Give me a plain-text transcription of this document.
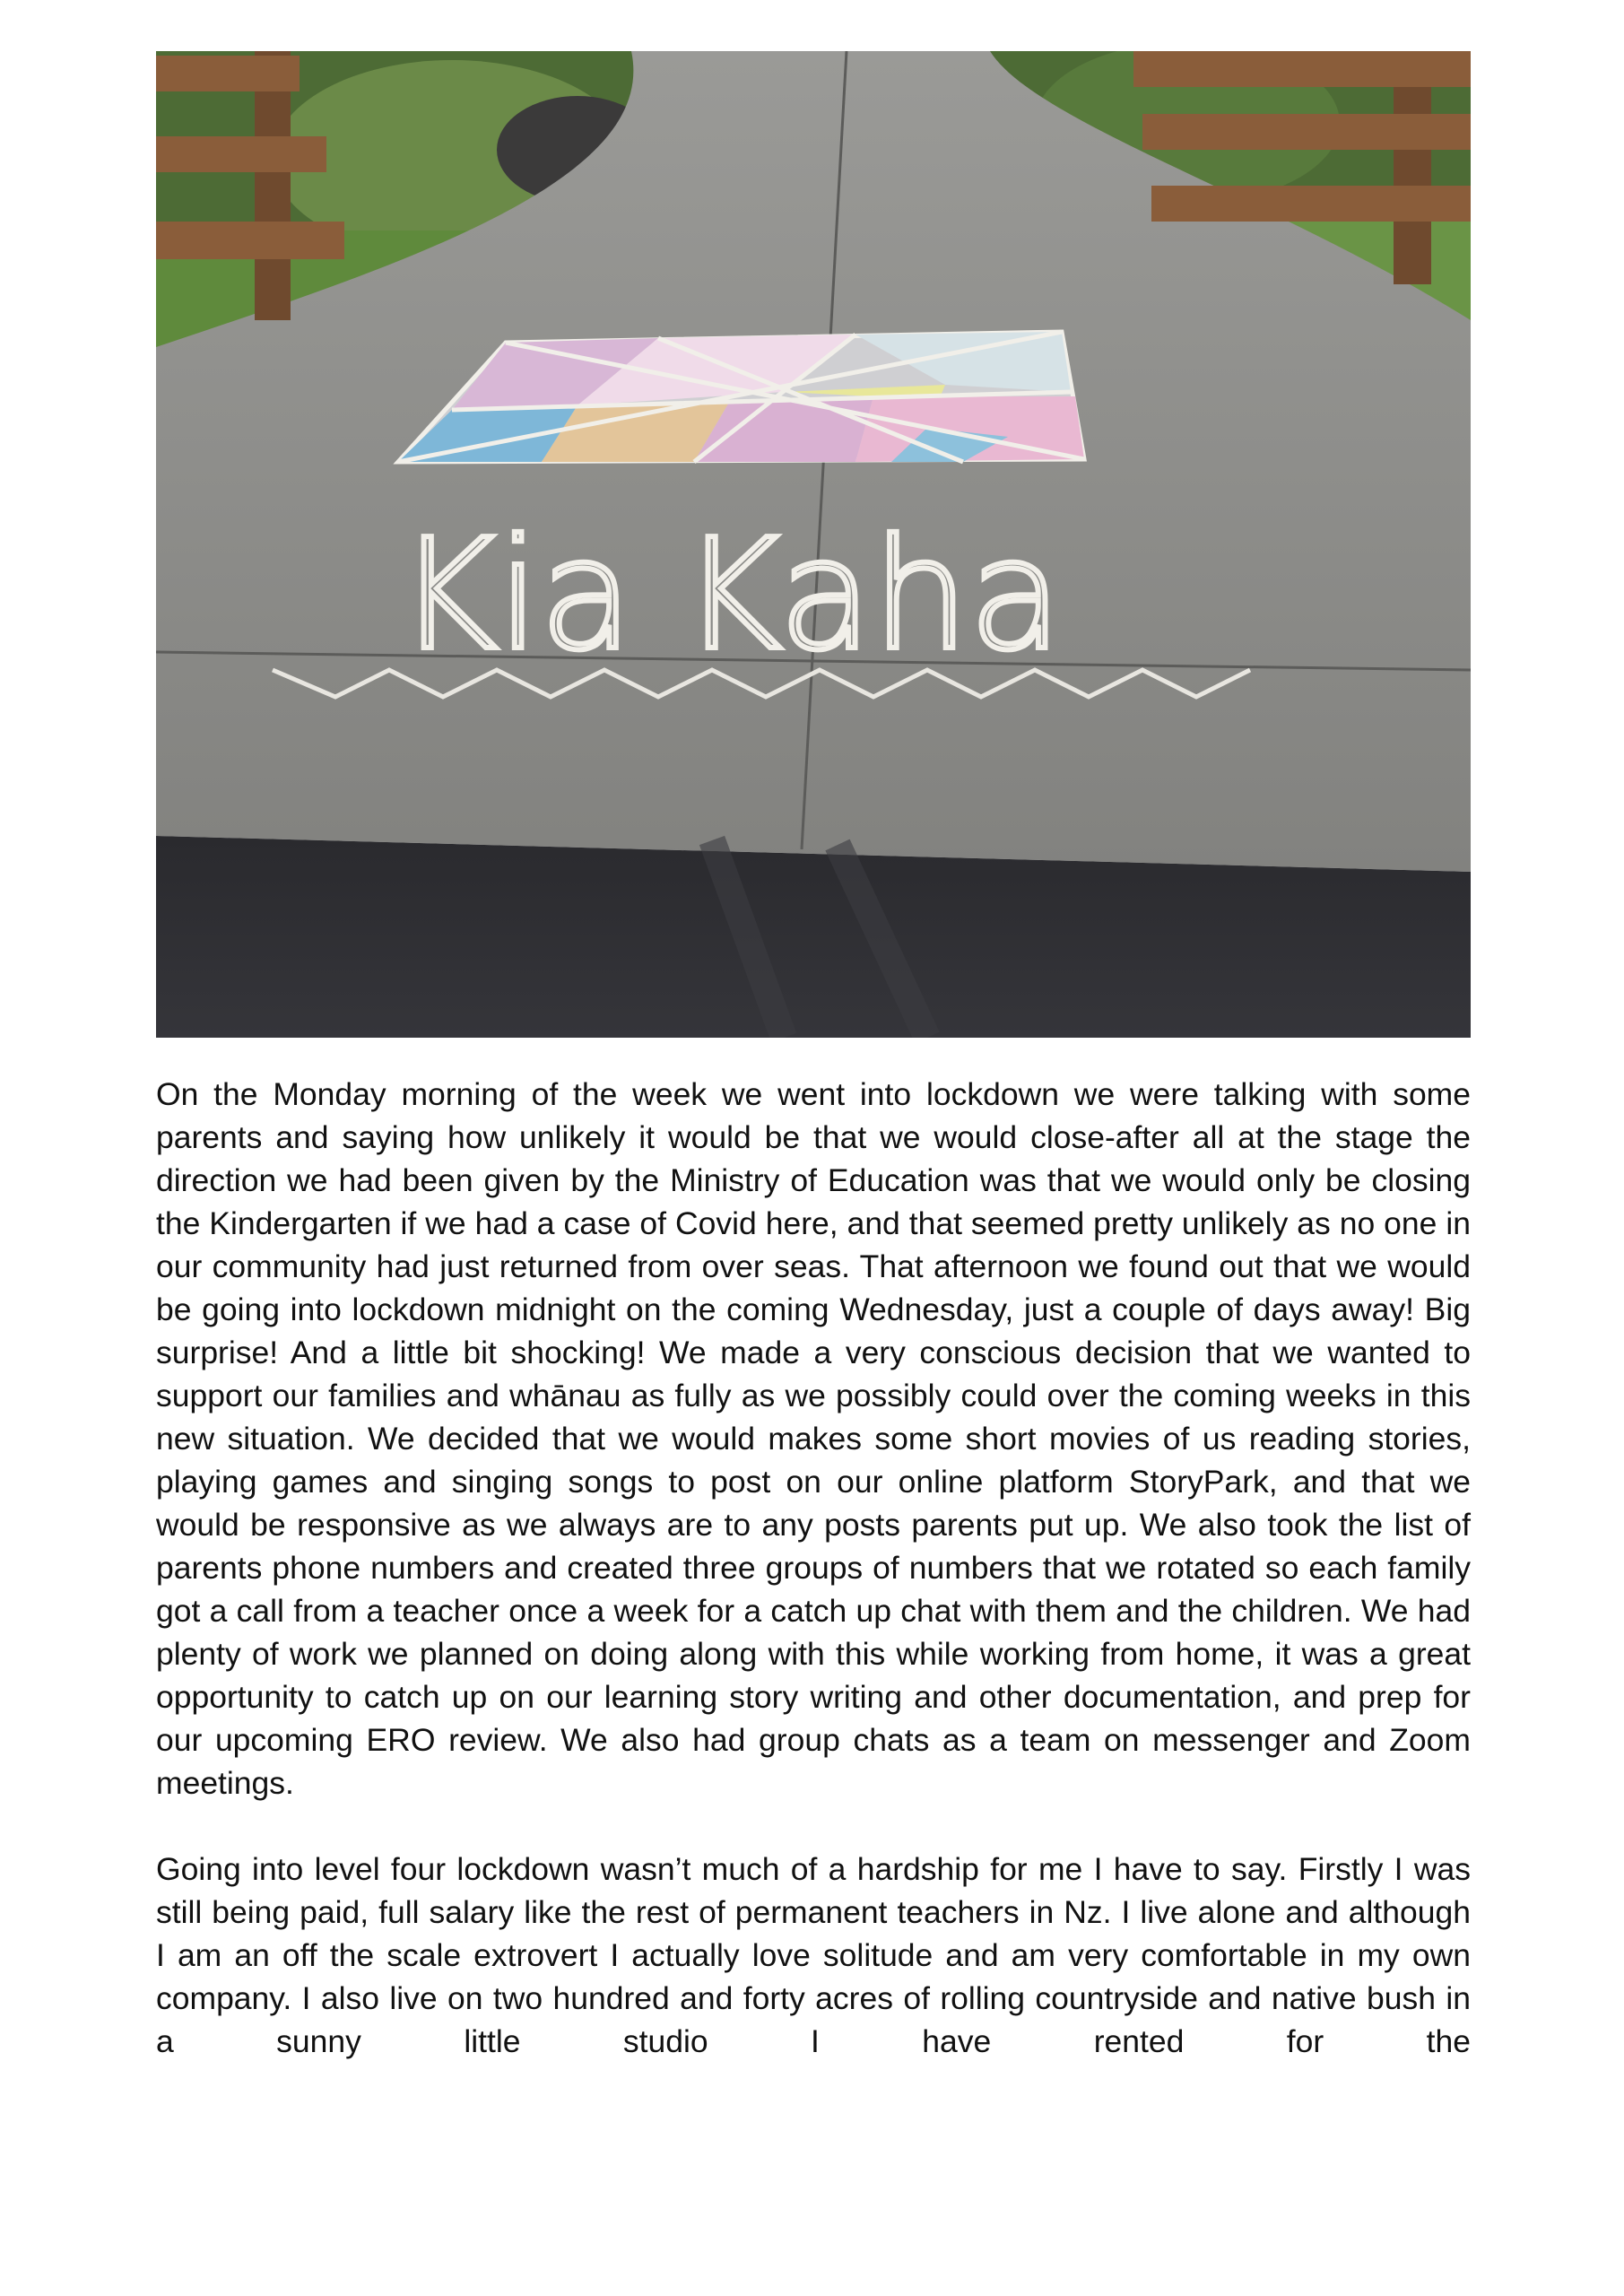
Kia Kaha

On the Monday morning of the week we went into lockdown we were talking with some parents and saying how unlikely it would be that we would close-after all at the stage the direction we had been given by the Ministry of Education was that we would only be closing the Kindergarten if we had a case of Covid here, and that seemed pretty unlikely as no one in our community had just returned from over seas. That afternoon we found out that we would be going into lockdown midnight on the coming Wednesday, just a couple of days away! Big surprise! And a little bit shocking! We made a very conscious decision that we wanted to support our families and whānau as fully as we possibly could over the coming weeks in this new situation. We decided that we would makes some short movies of us reading stories, playing games and singing songs to post on our online platform StoryPark, and that we would be responsive as we always are to any posts parents put up. We also took the list of parents phone numbers and created three groups of numbers that we rotated so each family got a call from a teacher once a week for a catch up chat with them and the children. We had plenty of work we planned on doing along with this while working from home, it was a great opportunity to catch up on our learning story writing and other documentation, and prep for our upcoming ERO review. We also had group chats as a team on messenger and Zoom meetings.

Going into level four lockdown wasn’t much of a hardship for me I have to say. Firstly I was still being paid, full salary like the rest of permanent teachers in Nz. I live alone and although I am an off the scale extrovert I actually love solitude and am very comfortable in my own company. I also live on two hundred and forty acres of rolling countryside and native bush in a sunny little studio I have rented for the
